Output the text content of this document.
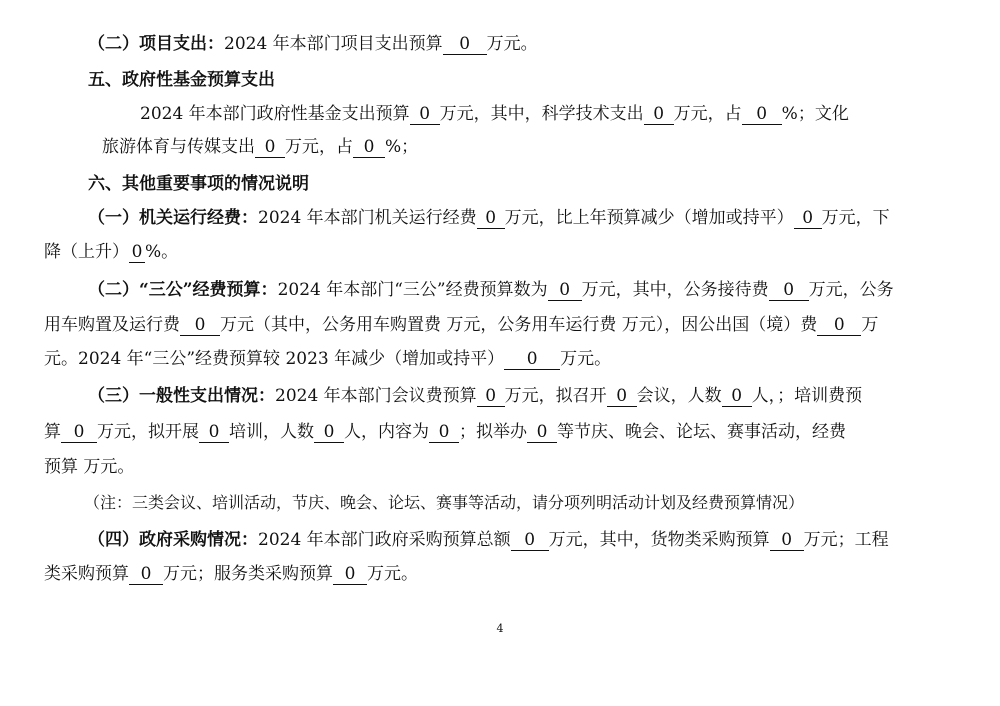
（二）项目支出：2024 年本部门项目支出预算 0 万元。
五、政府性基金预算支出
2024 年本部门政府性基金支出预算 0 万元，其中，科学技术支出 0 万元，占 0 %；文化
旅游体育与传媒支出 0 万元，占 0 %；
六、其他重要事项的情况说明
（一）机关运行经费：2024 年本部门机关运行经费 0 万元，比上年预算减少（增加或持平） 0 万元，下
降（上升） 0 %。
（二）“三公”经费预算：2024 年本部门“三公”经费预算数为 0 万元，其中，公务接待费 0 万元，公务
用车购置及运行费 0 万元（其中，公务用车购置费 万元，公务用车运行费 万元），因公出国（境）费 0 万
元。2024 年“三公”经费预算较 2023 年减少（增加或持平） 0 万元。
（三）一般性支出情况：2024 年本部门会议费预算 0 万元，拟召开 0 会议，人数 0 人，；培训费预
算 0 万元，拟开展 0 培训，人数 0 人，内容为 0 ；拟举办 0 等节庆、晚会、论坛、赛事活动，经费
预算 万元。
（注：三类会议、培训活动，节庆、晚会、论坛、赛事等活动，请分项列明活动计划及经费预算情况）
（四）政府采购情况：2024 年本部门政府采购预算总额 0 万元，其中，货物类采购预算 0 万元；工程
类采购预算 0 万元；服务类采购预算 0 万元。
4
